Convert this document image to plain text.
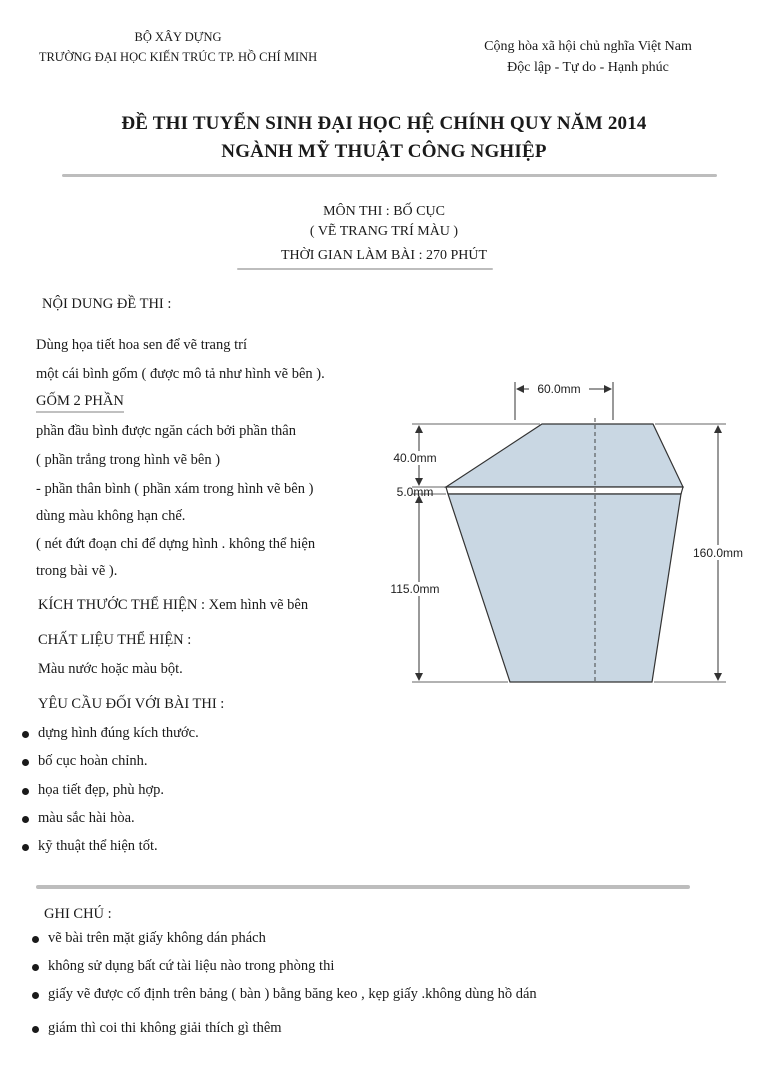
BỘ XÂY DỰNG
TRƯỜNG ĐẠI HỌC KIẾN TRÚC TP. HỒ CHÍ MINH
Cộng hòa xã hội chủ nghĩa Việt Nam
Độc lập - Tự do - Hạnh phúc
ĐỀ THI TUYỂN SINH ĐẠI HỌC HỆ CHÍNH QUY NĂM 2014
NGÀNH MỸ THUẬT CÔNG NGHIỆP
MÔN THI : BỐ CỤC
( VẼ TRANG TRÍ MÀU )
THỜI GIAN LÀM BÀI : 270 PHÚT
NỘI DUNG ĐỀ THI :
Dùng họa tiết hoa sen để vẽ trang trí
một cái bình gốm ( được mô tả như hình vẽ bên ).
GỐM 2 PHẦN
phần đầu bình được ngăn cách bởi phần thân
( phần trắng trong hình vẽ bên )
- phần thân bình ( phần xám trong hình vẽ bên )
dùng màu không hạn chế.
( nét đứt đoạn chỉ để dựng hình . không thể hiện
trong bài vẽ ).
KÍCH THƯỚC THỂ HIỆN : Xem hình vẽ bên
CHẤT LIỆU THỂ HIỆN :
Màu nước hoặc màu bột.
YÊU CẦU ĐỐI VỚI BÀI THI :
dựng hình đúng kích thước.
bố cục hoàn chỉnh.
họa tiết đẹp, phù hợp.
màu sắc hài hòa.
kỹ thuật thể hiện tốt.
GHI CHÚ :
vẽ bài trên mặt giấy không dán phách
không sử dụng bất cứ tài liệu nào trong phòng thi
giấy vẽ được cố định trên bảng ( bàn ) bằng băng keo , kẹp giấy .không dùng hồ dán
giám thì coi thi không giải thích gì thêm
60.0mm
40.0mm
5.0mm
115.0mm
160.0mm
